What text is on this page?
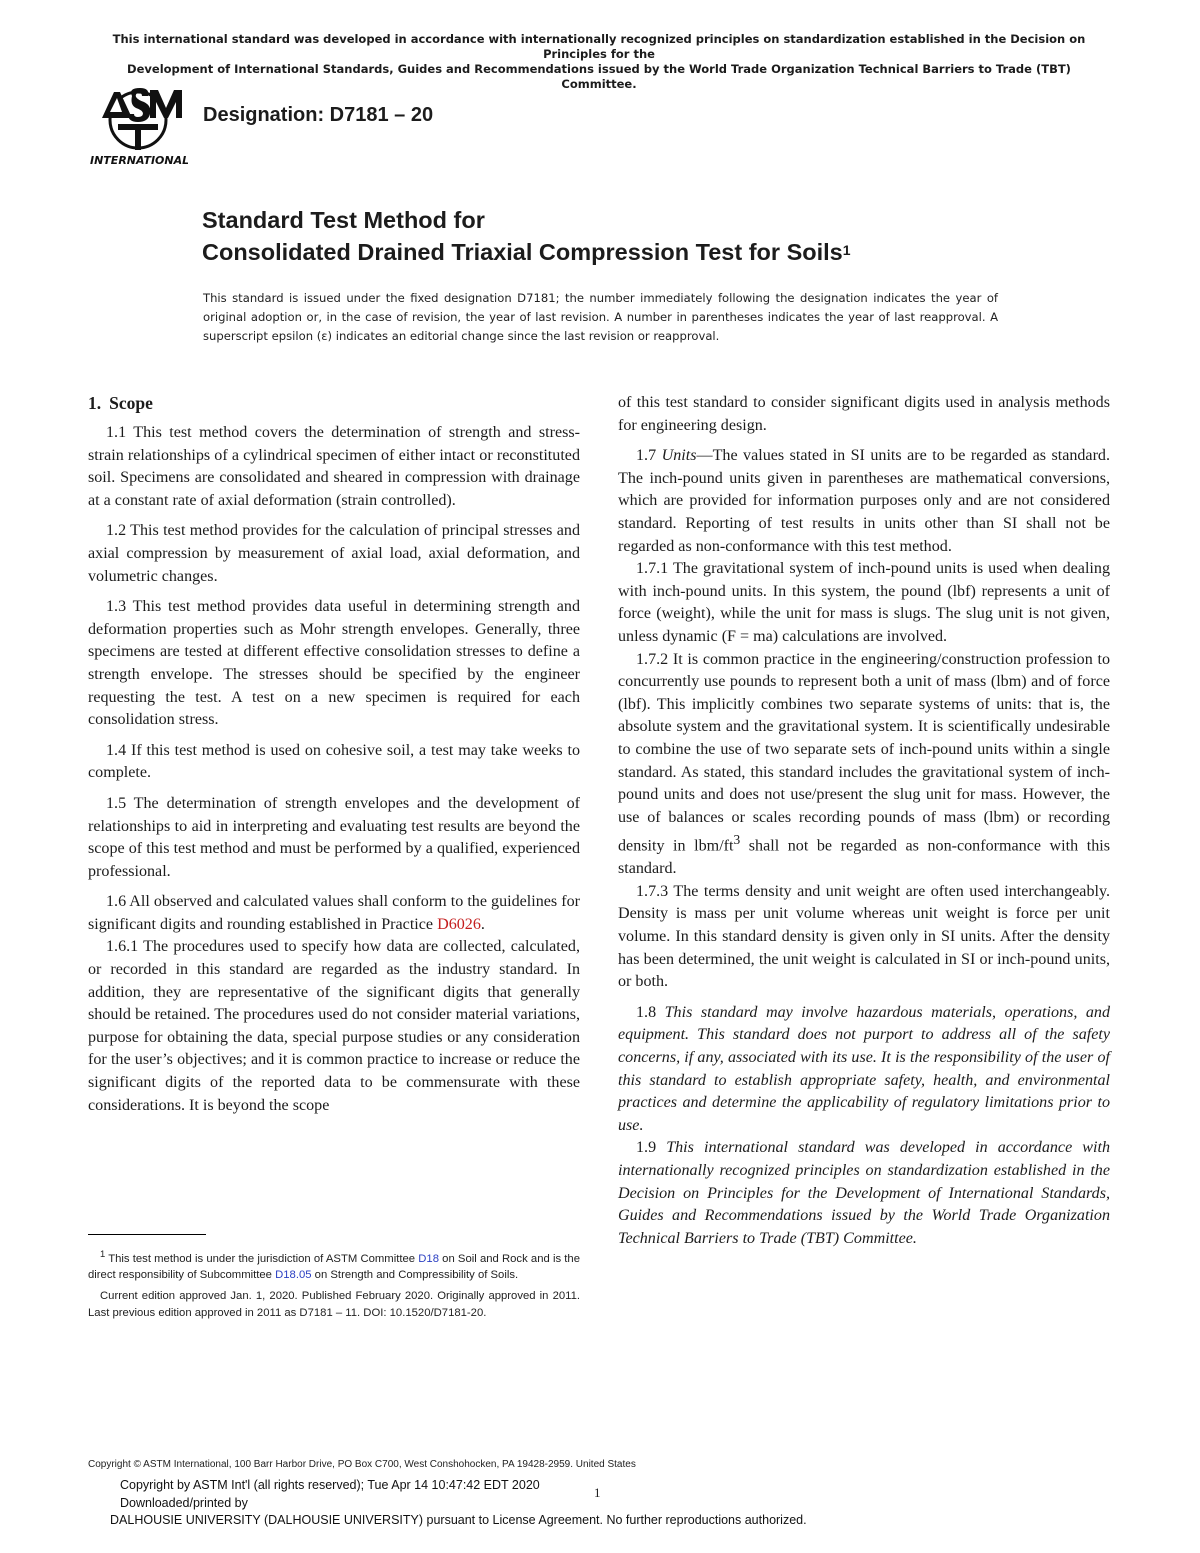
This international standard was developed in accordance with internationally recognized principles on standardization established in the Decision on Principles for the
Development of International Standards, Guides and Recommendations issued by the World Trade Organization Technical Barriers to Trade (TBT) Committee.
INTERNATIONAL
Designation: D7181 – 20
Standard Test Method for
Consolidated Drained Triaxial Compression Test for Soils$^1$
This standard is issued under the fixed designation D7181; the number immediately following the designation indicates the year of original adoption or, in the case of revision, the year of last revision. A number in parentheses indicates the year of last reapproval. A superscript epsilon (ε) indicates an editorial change since the last revision or reapproval.
1. Scope

1.1 This test method covers the determination of strength and stress-strain relationships of a cylindrical specimen of either intact or reconstituted soil. Specimens are consolidated and sheared in compression with drainage at a constant rate of axial deformation (strain controlled).

1.2 This test method provides for the calculation of principal stresses and axial compression by measurement of axial load, axial deformation, and volumetric changes.

1.3 This test method provides data useful in determining strength and deformation properties such as Mohr strength envelopes. Generally, three specimens are tested at different effective consolidation stresses to define a strength envelope. The stresses should be specified by the engineer requesting the test. A test on a new specimen is required for each consolidation stress.

1.4 If this test method is used on cohesive soil, a test may take weeks to complete.

1.5 The determination of strength envelopes and the development of relationships to aid in interpreting and evaluating test results are beyond the scope of this test method and must be performed by a qualified, experienced professional.

1.6 All observed and calculated values shall conform to the guidelines for significant digits and rounding established in Practice D6026.

1.6.1 The procedures used to specify how data are collected, calculated, or recorded in this standard are regarded as the industry standard. In addition, they are representative of the significant digits that generally should be retained. The procedures used do not consider material variations, purpose for obtaining the data, special purpose studies or any consideration for the user’s objectives; and it is common practice to increase or reduce the significant digits of the reported data to be commensurate with these considerations. It is beyond the scope

of this test standard to consider significant digits used in analysis methods for engineering design.

1.7 Units—The values stated in SI units are to be regarded as standard. The inch-pound units given in parentheses are mathematical conversions, which are provided for information purposes only and are not considered standard. Reporting of test results in units other than SI shall not be regarded as non-conformance with this test method.

1.7.1 The gravitational system of inch-pound units is used when dealing with inch-pound units. In this system, the pound (lbf) represents a unit of force (weight), while the unit for mass is slugs. The slug unit is not given, unless dynamic (F = ma) calculations are involved.

1.7.2 It is common practice in the engineering/construction profession to concurrently use pounds to represent both a unit of mass (lbm) and of force (lbf). This implicitly combines two separate systems of units: that is, the absolute system and the gravitational system. It is scientifically undesirable to combine the use of two separate sets of inch-pound units within a single standard. As stated, this standard includes the gravitational system of inch-pound units and does not use/present the slug unit for mass. However, the use of balances or scales recording pounds of mass (lbm) or recording density in lbm/$ft^3$ shall not be regarded as non-conformance with this standard.

1.7.3 The terms density and unit weight are often used interchangeably. Density is mass per unit volume whereas unit weight is force per unit volume. In this standard density is given only in SI units. After the density has been determined, the unit weight is calculated in SI or inch-pound units, or both.

1.8 This standard may involve hazardous materials, operations, and equipment. This standard does not purport to address all of the safety concerns, if any, associated with its use. It is the responsibility of the user of this standard to establish appropriate safety, health, and environmental practices and determine the applicability of regulatory limitations prior to use.

1.9 This international standard was developed in accordance with internationally recognized principles on standardization established in the Decision on Principles for the Development of International Standards, Guides and Recommendations issued by the World Trade Organization Technical Barriers to Trade (TBT) Committee.

$^1$ This test method is under the jurisdiction of ASTM Committee D18 on Soil and Rock and is the direct responsibility of Subcommittee D18.05 on Strength and Compressibility of Soils.

Current edition approved Jan. 1, 2020. Published February 2020. Originally approved in 2011. Last previous edition approved in 2011 as D7181 – 11. DOI: 10.1520/D7181-20.

Copyright © ASTM International, 100 Barr Harbor Drive, PO Box C700, West Conshohocken, PA 19428-2959. United States
Copyright by ASTM Int'l (all rights reserved); Tue Apr 14 10:47:42 EDT 2020
Downloaded/printed by
DALHOUSIE UNIVERSITY (DALHOUSIE UNIVERSITY) pursuant to License Agreement. No further reproductions authorized.
1
